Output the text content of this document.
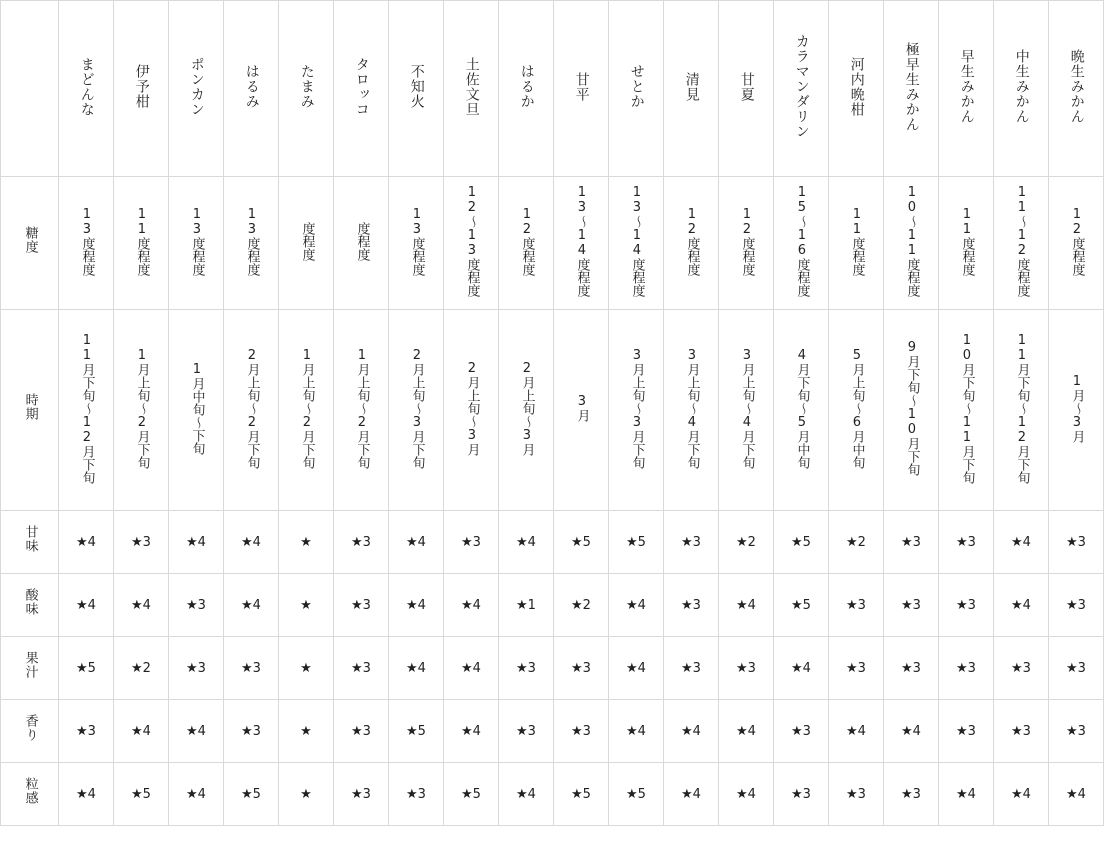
	まどんな	伊予柑	ポンカン	はるみ	たまみ	タロッコ	不知火	土佐文旦	はるか	甘平	せとか	清見	甘夏	カラマンダリン	河内晩柑	極早生みかん	早生みかん	中生みかん	晩生みかん
糖度	13度程度	11度程度	13度程度	13度程度	度程度	度程度	13度程度	12〜13度程度	12度程度	13〜14度程度	13〜14度程度	12度程度	12度程度	15〜16度程度	11度程度	10〜11度程度	11度程度	11〜12度程度	12度程度
時期	11月下旬〜12月下旬	1月上旬〜2月下旬	1月中旬〜下旬	2月上旬〜2月下旬	1月上旬〜2月下旬	1月上旬〜2月下旬	2月上旬〜3月下旬	2月上旬〜3月	2月上旬〜3月	3月	3月上旬〜3月下旬	3月上旬〜4月下旬	3月上旬〜4月下旬	4月下旬〜5月中旬	5月上旬〜6月中旬	9月下旬〜10月下旬	10月下旬〜11月下旬	11月下旬〜12月下旬	1月〜3月
甘味	★4	★3	★4	★4	★	★3	★4	★3	★4	★5	★5	★3	★2	★5	★2	★3	★3	★4	★3
酸味	★4	★4	★3	★4	★	★3	★4	★4	★1	★2	★4	★3	★4	★5	★3	★3	★3	★4	★3
果汁	★5	★2	★3	★3	★	★3	★4	★4	★3	★3	★4	★3	★3	★4	★3	★3	★3	★3	★3
香り	★3	★4	★4	★3	★	★3	★5	★4	★3	★3	★4	★4	★4	★3	★4	★4	★3	★3	★3
粒感	★4	★5	★4	★5	★	★3	★3	★5	★4	★5	★5	★4	★4	★3	★3	★3	★4	★4	★4
